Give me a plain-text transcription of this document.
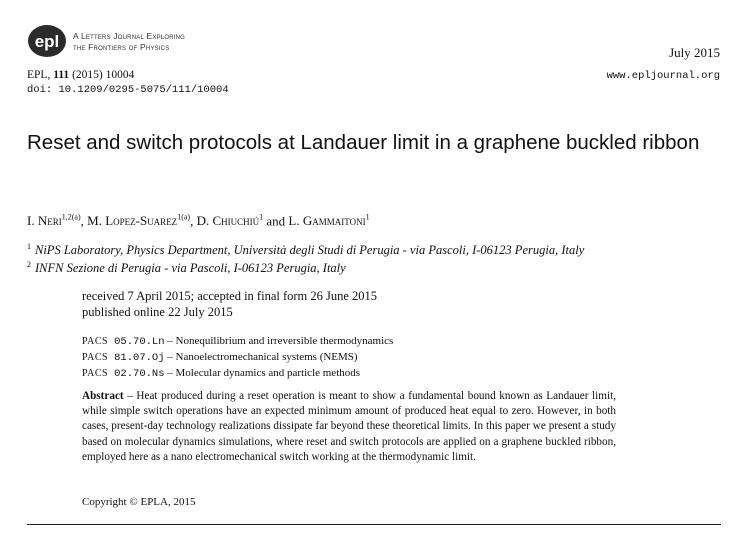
epl A Letters Journal Exploring
the Frontiers of Physics	July 2015
EPL, 111 (2015) 10004
doi: 10.1209/0295-5075/111/10004
www.epljournal.org
Reset and switch protocols at Landauer limit in a graphene buckled ribbon
I. Neri$^{1,2(a)}$, M. Lopez-Suarez$^{1(a)}$, D. Chiuchiú$^1$ and L. Gammaitoni$^1$
$^1$ NiPS Laboratory, Physics Department, Università degli Studi di Perugia - via Pascoli, I-06123 Perugia, Italy
$^2$ INFN Sezione di Perugia - via Pascoli, I-06123 Perugia, Italy
received 7 April 2015; accepted in final form 26 June 2015
published online 22 July 2015
PACS 05.70.Ln – Nonequilibrium and irreversible thermodynamics
PACS 81.07.Oj – Nanoelectromechanical systems (NEMS)
PACS 02.70.Ns – Molecular dynamics and particle methods
Abstract – Heat produced during a reset operation is meant to show a fundamental bound known as Landauer limit, while simple switch operations have an expected minimum amount of produced heat equal to zero. However, in both cases, present-day technology realizations dissipate far beyond these theoretical limits. In this paper we present a study based on molecular dynamics simulations, where reset and switch protocols are applied on a graphene buckled ribbon, employed here as a nano electromechanical switch working at the thermodynamic limit.
Copyright © EPLA, 2015
